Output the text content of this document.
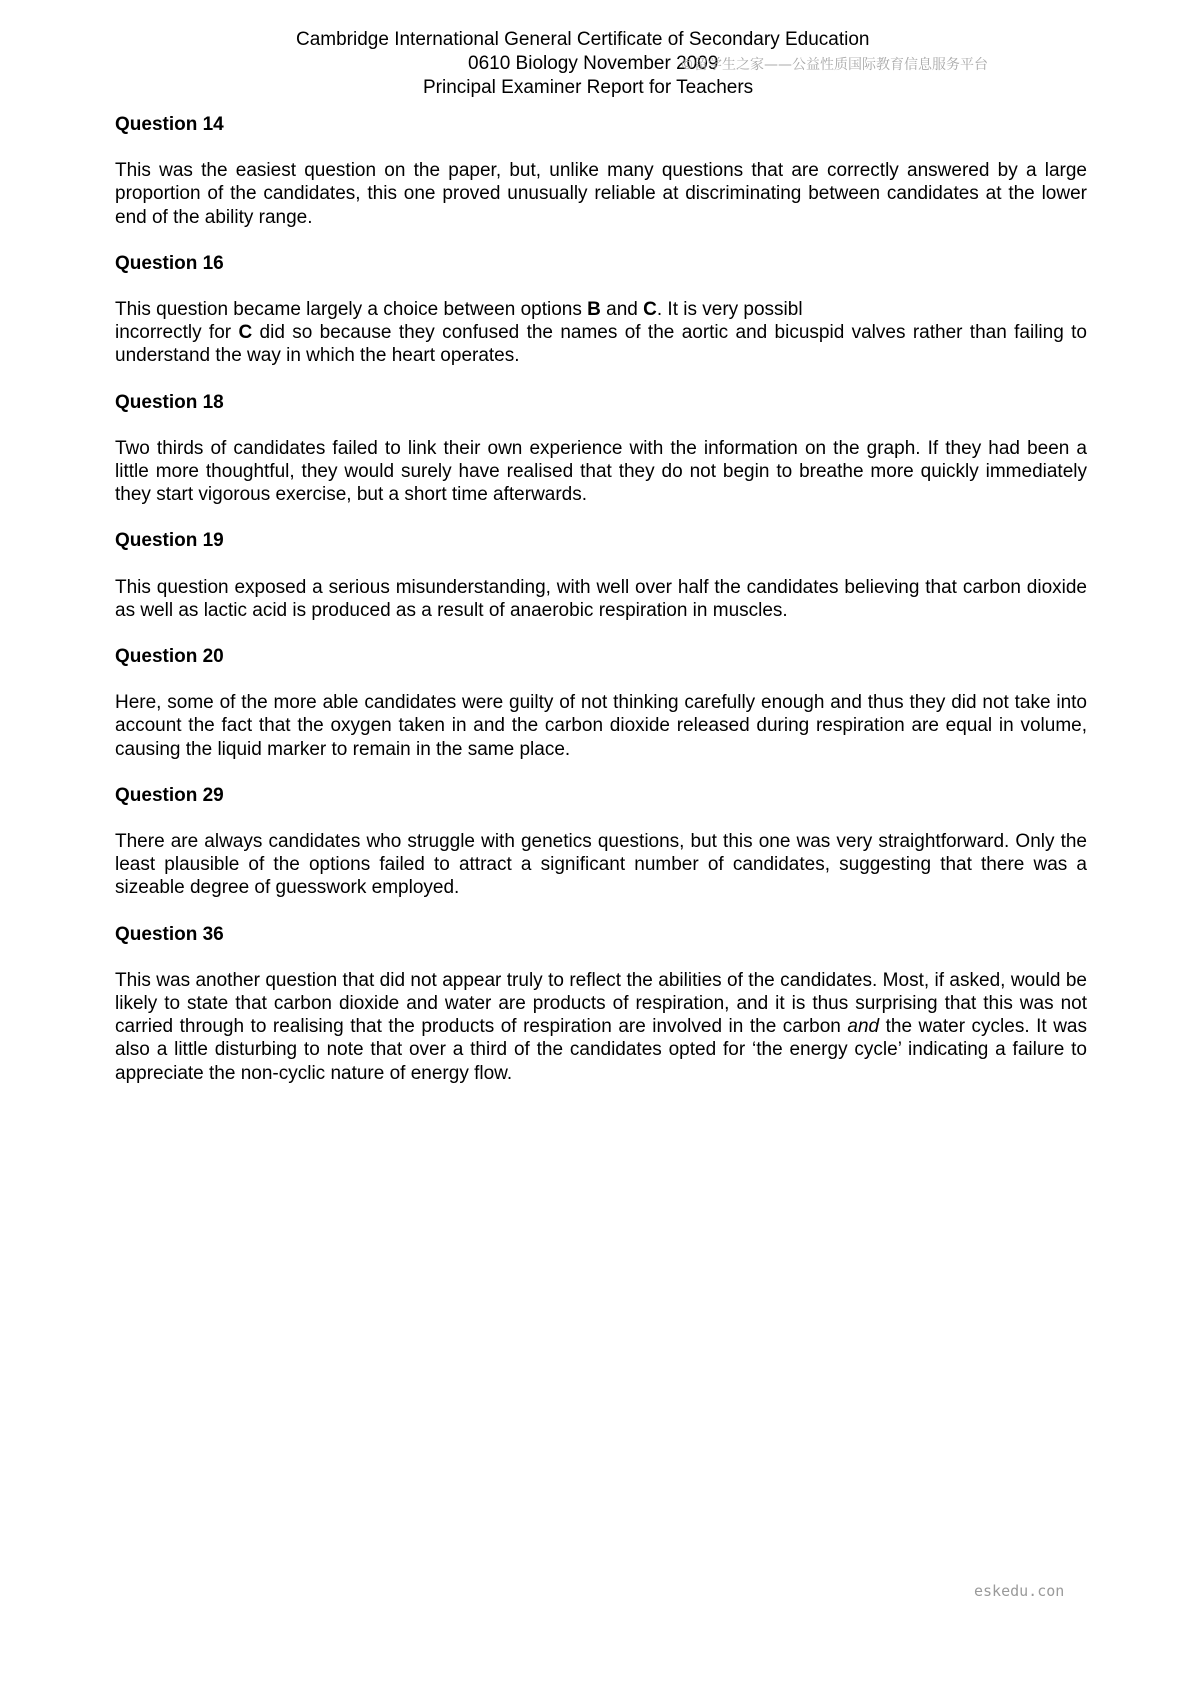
Cambridge International General Certificate of Secondary Education
0610 Biology November 2009
Principal Examiner Report for Teachers
©留学生之家——公益性质国际教育信息服务平台

Question 14

This was the easiest question on the paper, but, unlike many questions that are correctly answered by a large proportion of the candidates, this one proved unusually reliable at discriminating between candidates at the lower end of the ability range.

Question 16

This question became largely a choice between options B and C. It is very possibl
incorrectly for C did so because they confused the names of the aortic and bicuspid valves rather than failing to understand the way in which the heart operates.

Question 18

Two thirds of candidates failed to link their own experience with the information on the graph. If they had been a little more thoughtful, they would surely have realised that they do not begin to breathe more quickly immediately they start vigorous exercise, but a short time afterwards.

Question 19

This question exposed a serious misunderstanding, with well over half the candidates believing that carbon dioxide as well as lactic acid is produced as a result of anaerobic respiration in muscles.

Question 20

Here, some of the more able candidates were guilty of not thinking carefully enough and thus they did not take into account the fact that the oxygen taken in and the carbon dioxide released during respiration are equal in volume, causing the liquid marker to remain in the same place.

Question 29

There are always candidates who struggle with genetics questions, but this one was very straightforward. Only the least plausible of the options failed to attract a significant number of candidates, suggesting that there was a sizeable degree of guesswork employed.

Question 36

This was another question that did not appear truly to reflect the abilities of the candidates. Most, if asked, would be likely to state that carbon dioxide and water are products of respiration, and it is thus surprising that this was not carried through to realising that the products of respiration are involved in the carbon and the water cycles. It was also a little disturbing to note that over a third of the candidates opted for ‘the energy cycle’ indicating a failure to appreciate the non-cyclic nature of energy flow.

eskedu.con
